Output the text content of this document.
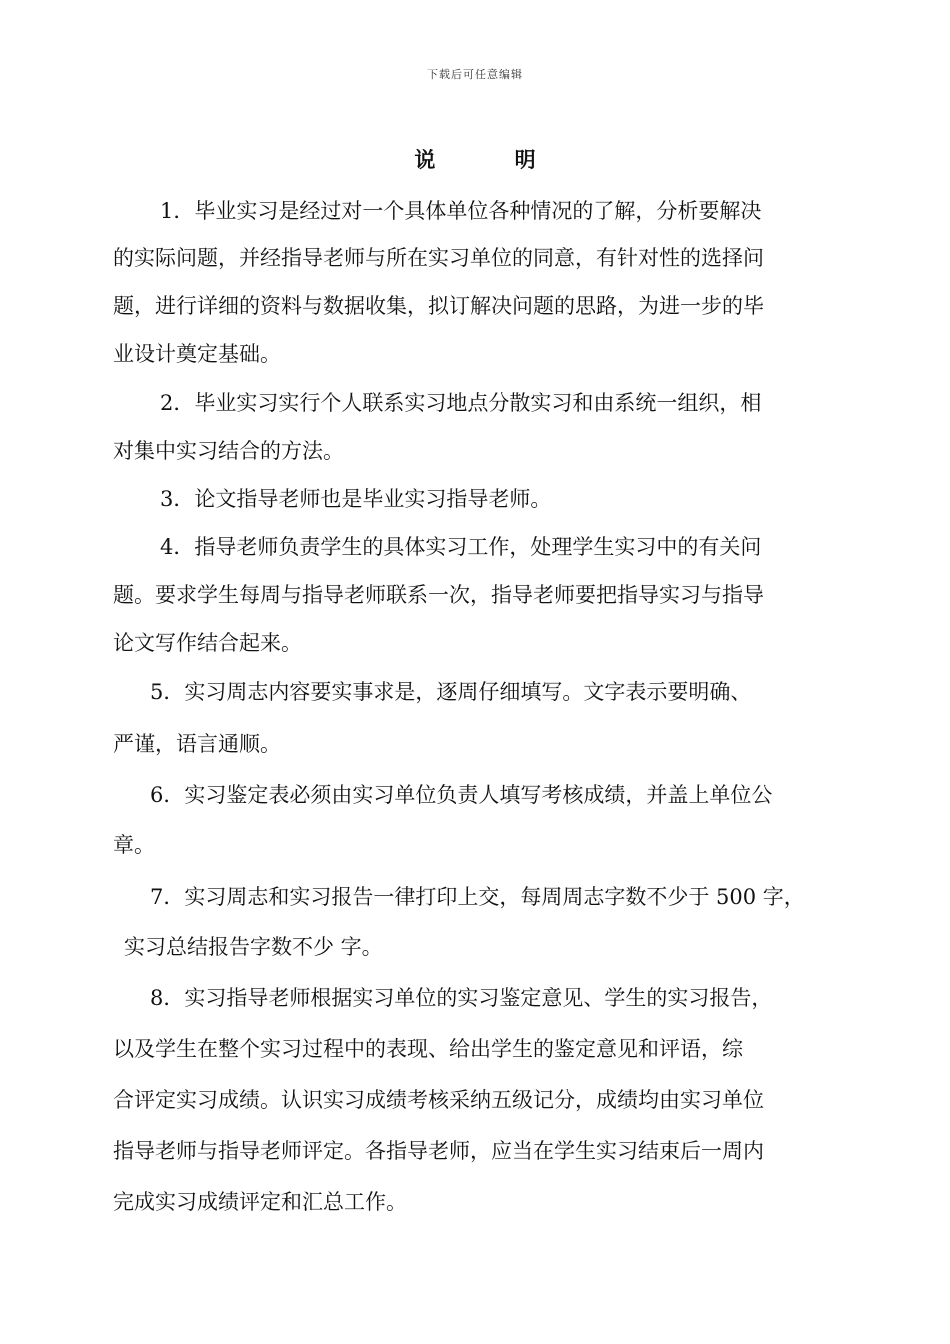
下载后可任意编辑
说 明
1．毕业实习是经过对一个具体单位各种情况的了解，分析要解决
的实际问题，并经指导老师与所在实习单位的同意，有针对性的选择问
题，进行详细的资料与数据收集，拟订解决问题的思路，为进一步的毕
业设计奠定基础。
2．毕业实习实行个人联系实习地点分散实习和由系统一组织，相
对集中实习结合的方法。
3．论文指导老师也是毕业实习指导老师。
4．指导老师负责学生的具体实习工作，处理学生实习中的有关问
题。要求学生每周与指导老师联系一次，指导老师要把指导实习与指导
论文写作结合起来。
5．实习周志内容要实事求是，逐周仔细填写。文字表示要明确、
严谨，语言通顺。
6．实习鉴定表必须由实习单位负责人填写考核成绩，并盖上单位公
章。
7．实习周志和实习报告一律打印上交，每周周志字数不少于 500 字，
实习总结报告字数不少 字。
8．实习指导老师根据实习单位的实习鉴定意见、学生的实习报告，
以及学生在整个实习过程中的表现、给出学生的鉴定意见和评语，综
合评定实习成绩。认识实习成绩考核采纳五级记分，成绩均由实习单位
指导老师与指导老师评定。各指导老师，应当在学生实习结束后一周内
完成实习成绩评定和汇总工作。
